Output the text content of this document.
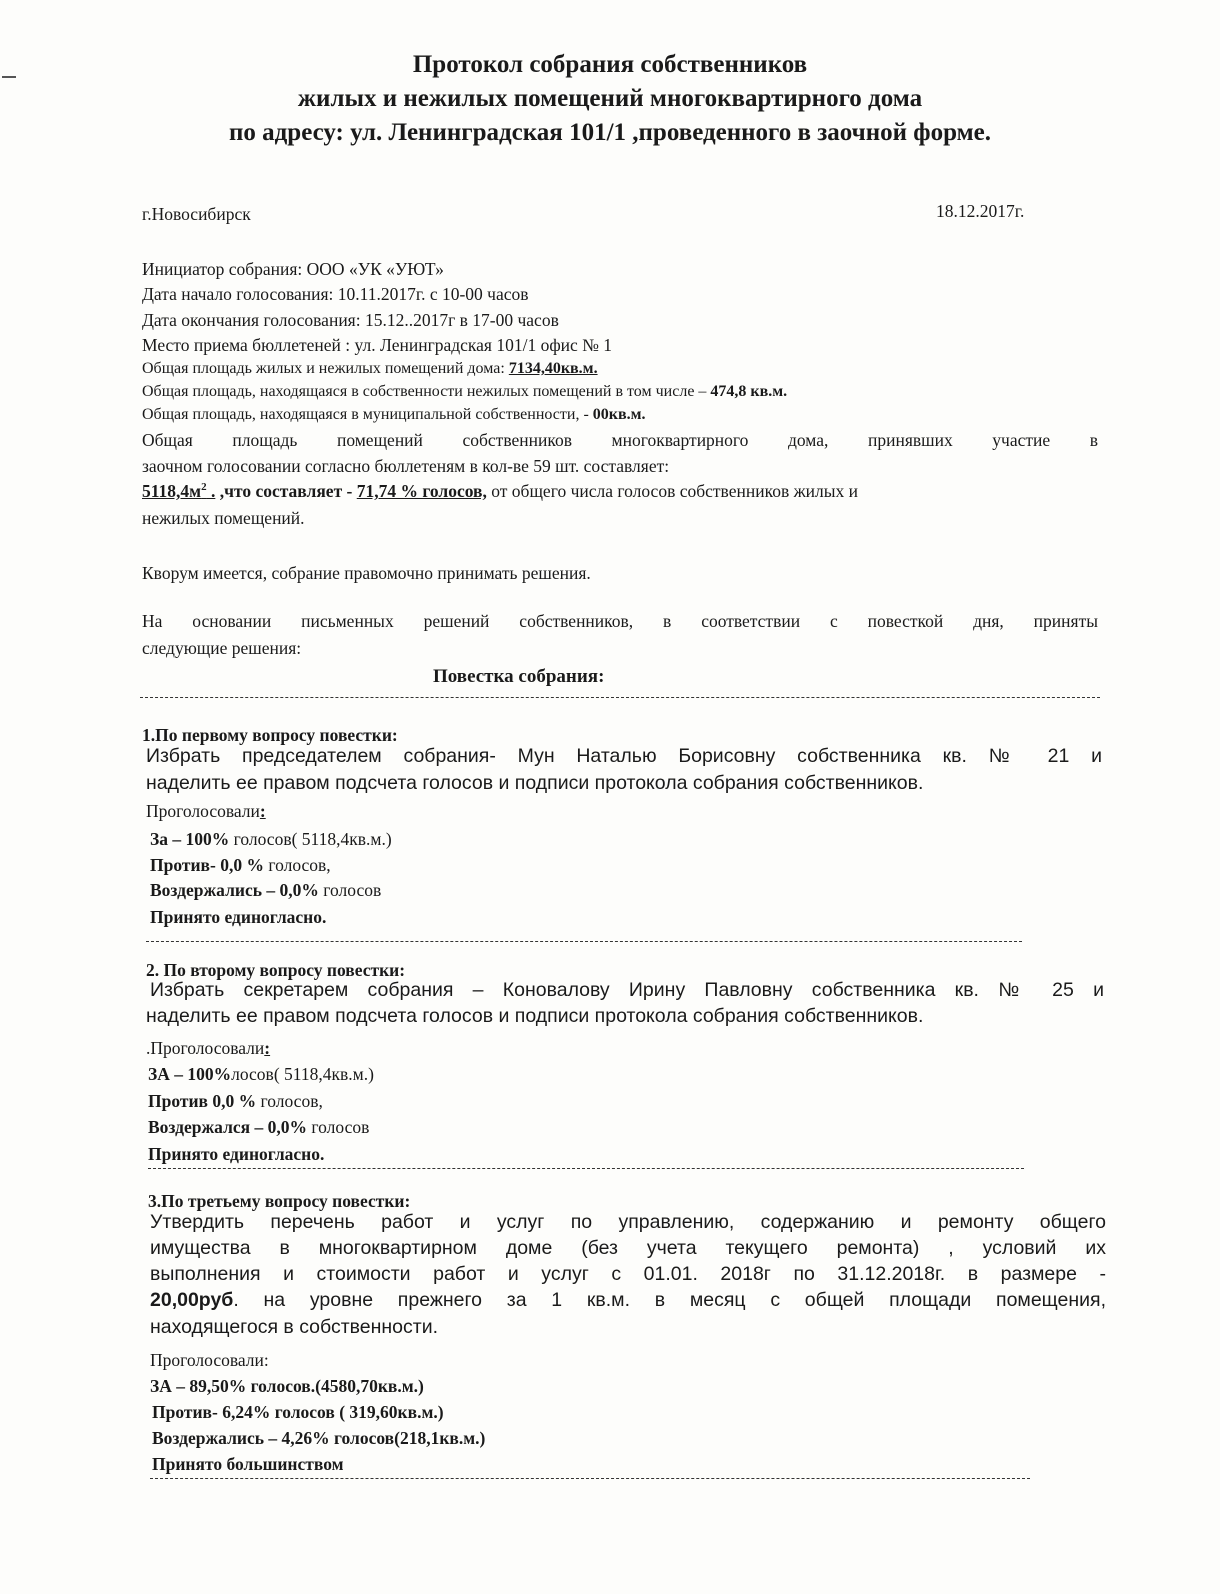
Протокол собрания собственников
жилых и нежилых помещений многоквартирного дома
по адресу: ул. Ленинградская 101/1 ,проведенного в заочной форме.
г.Новосибирск	18.12.2017г.
Инициатор собрания: ООО «УК «УЮТ»
Дата начало голосования: 10.11.2017г. с 10-00 часов
Дата окончания голосования: 15.12..2017г в 17-00 часов
Место приема бюллетеней : ул. Ленинградская 101/1 офис № 1
Общая площадь жилых и нежилых помещений дома: 7134,40кв.м.
Общая площадь, находящаяся в собственности нежилых помещений в том числе – 474,8 кв.м.
Общая площадь, находящаяся в муниципальной собственности, - 00кв.м.
Общая площадь помещений собственников многоквартирного дома, принявших участие в
заочном голосовании согласно бюллетеням в кол-ве 59 шт. составляет:
$5118,4м^2$ . ,что составляет - 71,74 % голосов, от общего числа голосов собственников жилых и
нежилых помещений.
Кворум имеется, собрание правомочно принимать решения.
На основании письменных решений собственников, в соответствии с повесткой дня, приняты
следующие решения:
Повестка собрания:
1.По первому вопросу повестки:
Избрать председателем собрания- Мун Наталью Борисовну собственника кв. № 21 и
наделить ее правом подсчета голосов и подписи протокола собрания собственников.
Проголосовали:
За – 100% голосов( 5118,4кв.м.)
Против- 0,0 % голосов,
Воздержались – 0,0% голосов
Принято единогласно.
2. По второму вопросу повестки:
Избрать секретарем собрания – Коновалову Ирину Павловну собственника кв. № 25 и
наделить ее правом подсчета голосов и подписи протокола собрания собственников.
.Проголосовали:
ЗА – 100%лосов( 5118,4кв.м.)
Против 0,0 % голосов,
Воздержался – 0,0% голосов
Принято единогласно.
3.По третьему вопросу повестки:
Утвердить перечень работ и услуг по управлению, содержанию и ремонту общего
имущества в многоквартирном доме (без учета текущего ремонта) , условий их
выполнения и стоимости работ и услуг с 01.01. 2018г по 31.12.2018г. в размере -
20,00руб. на уровне прежнего за 1 кв.м. в месяц с общей площади помещения,
находящегося в собственности.
Проголосовали:
ЗА – 89,50% голосов.(4580,70кв.м.)
Против- 6,24% голосов ( 319,60кв.м.)
Воздержались – 4,26% голосов(218,1кв.м.)
Принято большинством
